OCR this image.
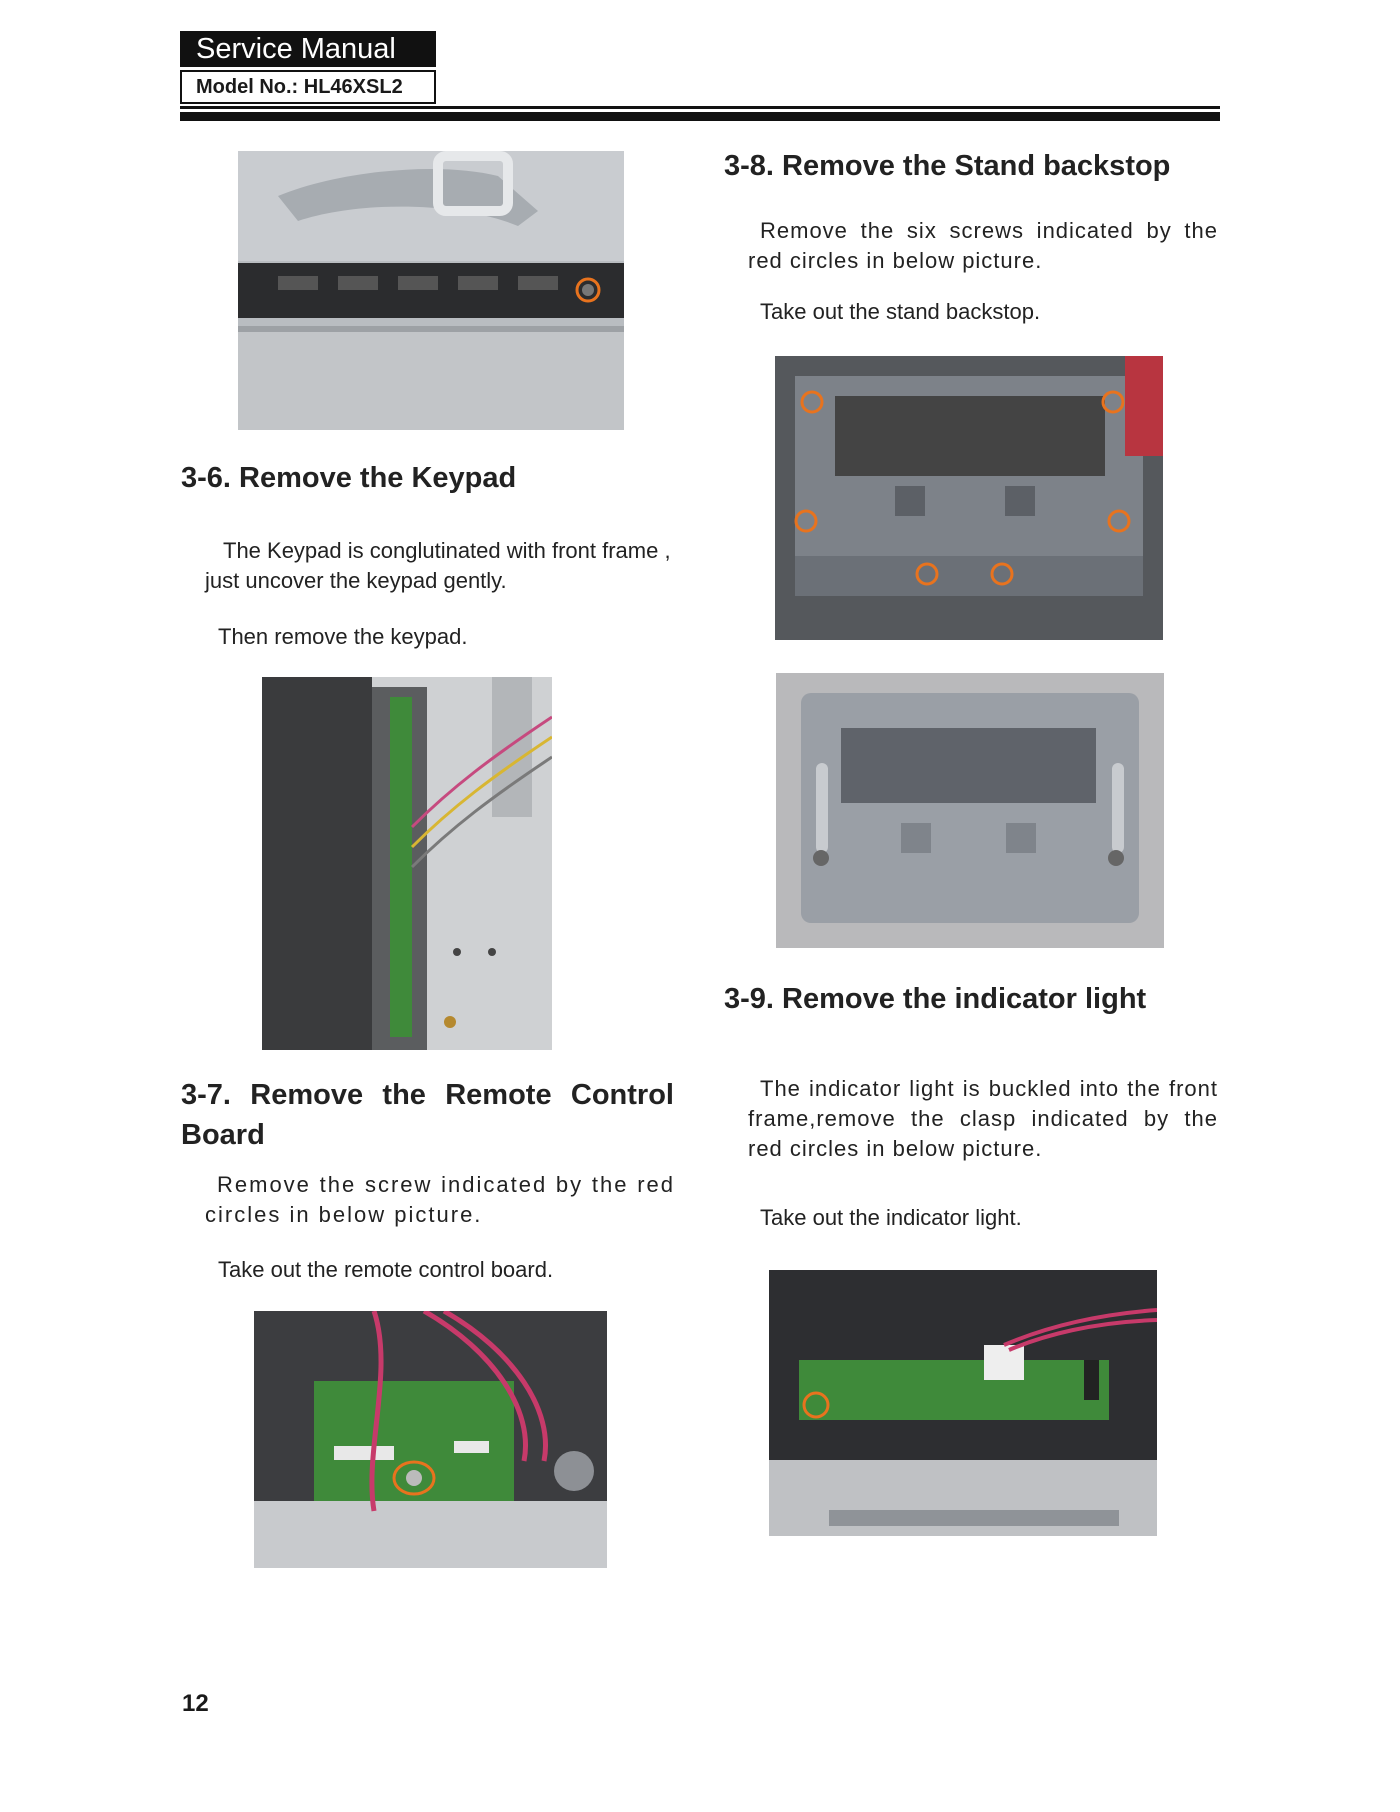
Service Manual
Model No.: HL46XSL2
3-6. Remove the Keypad

The Keypad is conglutinated with front frame , just uncover the keypad gently.

Then remove the keypad.

3-7. Remove the Remote Control Board

Remove the screw indicated by the red circles in below picture.

Take out the remote control board.

3-8. Remove the Stand backstop

Remove the six screws indicated by the red circles in below picture.

Take out the stand backstop.

3-9. Remove the indicator light

The indicator light is buckled into the front frame,remove the clasp indicated by the red circles in below picture.

Take out the indicator light.

12
